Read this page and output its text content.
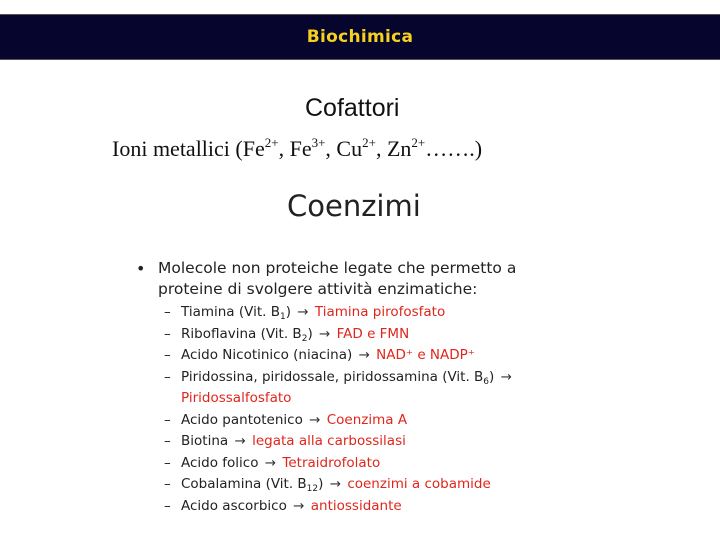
Biochimica
Cofattori
Ioni metallici ($Fe^{2+}$, $Fe^{3+}$, $Cu^{2+}$, $Zn^{2+}\dots\dots$.)
Coenzimi
• Molecole non proteiche legate che permetto a
proteine di svolgere attività enzimatiche:
– Tiamina (Vit. $B_1) \to Tiamina$ pirofosfato
– Riboflavina (Vit. $B_2$) → FAD e FMN
– Acido Nicotinico (niacina) → NAD⁺ e NADP⁺
– Piridossina, piridossale, piridossamina (Vit. $B_6$) →
Piridossalfosfato
– Acido pantotenico → Coenzima A
– Biotina → legata alla carbossilasi
– Acido folico → Tetraidrofolato
– Cobalamina (Vit. $B_{12}$) → coenzimi a cobamide
– Acido ascorbico → antiossidante
